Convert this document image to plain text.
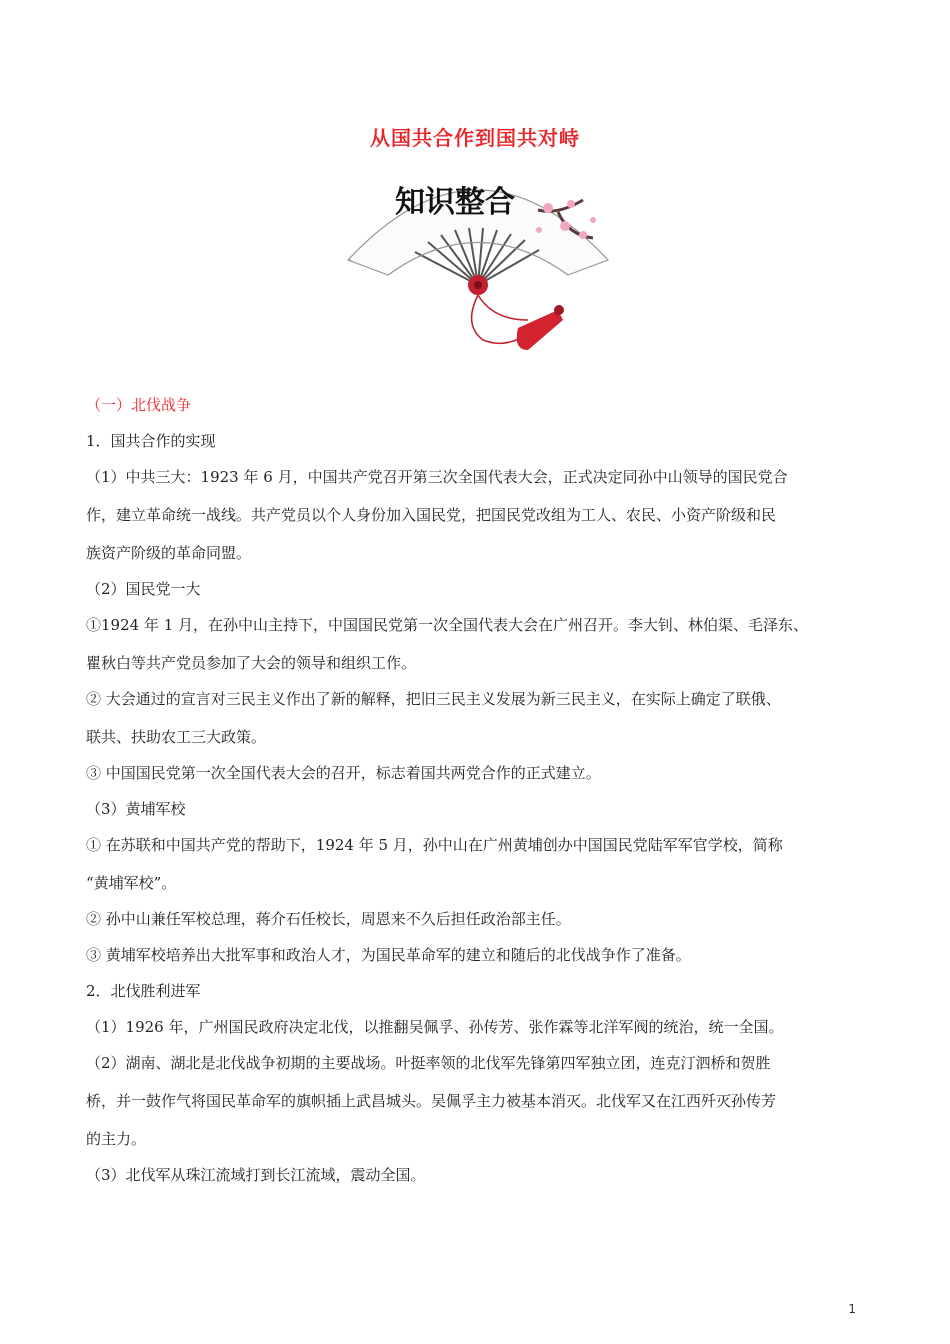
从国共合作到国共对峙
知识整合
（一）北伐战争
1．国共合作的实现
（1）中共三大：1923 年 6 月，中国共产党召开第三次全国代表大会，正式决定同孙中山领导的国民党合
作，建立革命统一战线。共产党员以个人身份加入国民党，把国民党改组为工人、农民、小资产阶级和民
族资产阶级的革命同盟。
（2）国民党一大
①1924 年 1 月，在孙中山主持下，中国国民党第一次全国代表大会在广州召开。李大钊、林伯渠、毛泽东、
瞿秋白等共产党员参加了大会的领导和组织工作。
② 大会通过的宣言对三民主义作出了新的解释，把旧三民主义发展为新三民主义，在实际上确定了联俄、
联共、扶助农工三大政策。
③ 中国国民党第一次全国代表大会的召开，标志着国共两党合作的正式建立。
（3）黄埔军校
① 在苏联和中国共产党的帮助下，1924 年 5 月，孙中山在广州黄埔创办中国国民党陆军军官学校，简称
“黄埔军校”。
② 孙中山兼任军校总理，蒋介石任校长，周恩来不久后担任政治部主任。
③ 黄埔军校培养出大批军事和政治人才，为国民革命军的建立和随后的北伐战争作了准备。
2．北伐胜利进军
（1）1926 年，广州国民政府决定北伐，以推翻吴佩孚、孙传芳、张作霖等北洋军阀的统治，统一全国。
（2）湖南、湖北是北伐战争初期的主要战场。叶挺率领的北伐军先锋第四军独立团，连克汀泗桥和贺胜
桥，并一鼓作气将国民革命军的旗帜插上武昌城头。吴佩孚主力被基本消灭。北伐军又在江西歼灭孙传芳
的主力。
（3）北伐军从珠江流域打到长江流域，震动全国。
1
